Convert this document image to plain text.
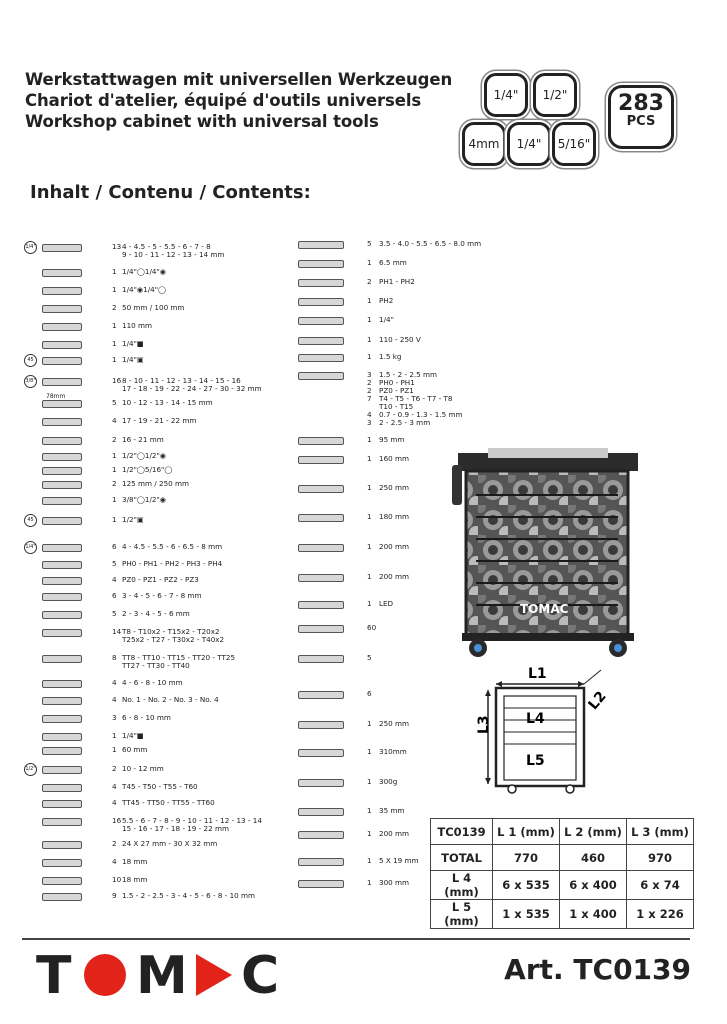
Werkstattwagen mit universellen Werkzeugen
Chariot d'atelier, équipé d'outils universels
Workshop cabinet with universal tools
1/4"	1/2"
4mm	1/4"	5/16"
283
PCS
Inhalt / Contenu / Contents:
1/4"	13 4 - 4.5 - 5 - 5.5 - 6 - 7 - 8
9 - 10 - 11 - 12 - 13 - 14 mm
1 1/4"◯1/4"◉
1 1/4"◉1/4"◯
2 50 mm / 100 mm
1 110 mm
1 1/4"■
45	1 1/4"▣
3/8"	16 8 - 10 - 11 - 12 - 13 - 14 - 15 - 16
17 - 18 - 19 - 22 - 24 - 27 - 30 - 32 mm
5 10 - 12 - 13 - 14 - 15 mm
78mm
4 17 - 19 - 21 - 22 mm
2 16 - 21 mm
1 1/2"◯1/2"◉
1 1/2"◯5/16"◯
2 125 mm / 250 mm
1 3/8"◯1/2"◉
45	1 1/2"▣
1/4"	6 4 - 4.5 - 5.5 - 6 - 6.5 - 8 mm
5 PH0 - PH1 - PH2 - PH3 - PH4
4 PZ0 - PZ1 - PZ2 - PZ3
6 3 - 4 - 5 - 6 - 7 - 8 mm
5 2 - 3 - 4 - 5 - 6 mm
14 T8 - T10x2 - T15x2 - T20x2
T25x2 - T27 - T30x2 - T40x2
8 TT8 - TT10 - TT15 - TT20 - TT25
TT27 - TT30 - TT40
4 4 - 6 - 8 - 10 mm
4 No. 1 - No. 2 - No. 3 - No. 4
3 6 - 8 - 10 mm
1 1/4"■
1 60 mm
1/2"	2 10 - 12 mm
4 T45 - T50 - T55 - T60
4 TT45 - TT50 - TT55 - TT60
16 5.5 - 6 - 7 - 8 - 9 - 10 - 11 - 12 - 13 - 14
15 - 16 - 17 - 18 - 19 - 22 mm
2 24 X 27 mm - 30 X 32 mm
4 18 mm
10 18 mm
9 1.5 - 2 - 2.5 - 3 - 4 - 5 - 6 - 8 - 10 mm
5 3.5 - 4.0 - 5.5 - 6.5 - 8.0 mm
1 6.5 mm
2 PH1 - PH2
1 PH2
1 1/4"
1 110 - 250 V
1 1.5 kg
3 1.5 - 2 - 2.5 mm
2 PH0 - PH1
2 PZ0 - PZ1
7 T4 - T5 - T6 - T7 - T8
T10 - T15
4 0.7 - 0.9 - 1.3 - 1.5 mm
3 2 - 2.5 - 3 mm
1 95 mm
1 160 mm
1 250 mm
1 180 mm
1 200 mm
1 200 mm
1 LED
60
5
6
1 250 mm
1 310mm
1 300g
1 35 mm
1 200 mm
1 5 X 19 mm
1 300 mm
TOMAC
L1
L2
L4
L5
L3
TC0139	L 1 (mm)	L 2 (mm)	L 3 (mm)
TOTAL	770	460	970
L 4 (mm)	6 x 535	6 x 400	6 x 74
L 5 (mm)	1 x 535	1 x 400	1 x 226
T M C	Art. TC0139
